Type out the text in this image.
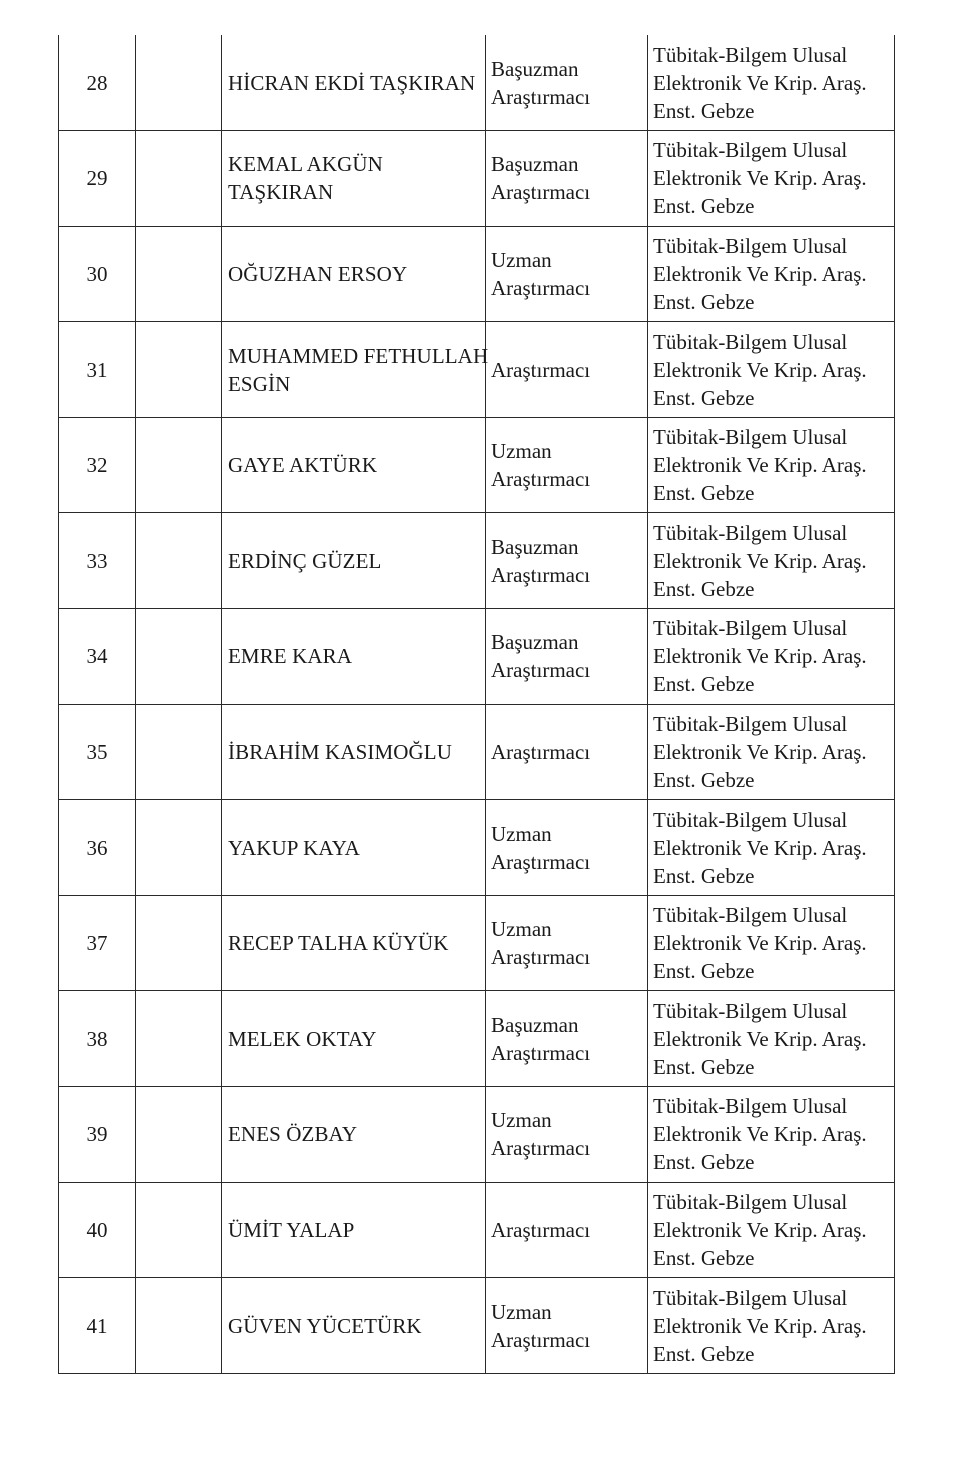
28		HİCRAN EKDİ TAŞKIRAN	Başuzman
Araştırmacı	Tübitak-Bilgem Ulusal
Elektronik Ve Krip. Araş.
Enst. Gebze

29		KEMAL AKGÜN
TAŞKIRAN	Başuzman
Araştırmacı	Tübitak-Bilgem Ulusal
Elektronik Ve Krip. Araş.
Enst. Gebze

30		OĞUZHAN ERSOY	Uzman
Araştırmacı	Tübitak-Bilgem Ulusal
Elektronik Ve Krip. Araş.
Enst. Gebze

31		MUHAMMED FETHULLAH
ESGİN	Araştırmacı	Tübitak-Bilgem Ulusal
Elektronik Ve Krip. Araş.
Enst. Gebze

32		GAYE AKTÜRK	Uzman
Araştırmacı	Tübitak-Bilgem Ulusal
Elektronik Ve Krip. Araş.
Enst. Gebze

33		ERDİNÇ GÜZEL	Başuzman
Araştırmacı	Tübitak-Bilgem Ulusal
Elektronik Ve Krip. Araş.
Enst. Gebze

34		EMRE KARA	Başuzman
Araştırmacı	Tübitak-Bilgem Ulusal
Elektronik Ve Krip. Araş.
Enst. Gebze

35		İBRAHİM KASIMOĞLU	Araştırmacı	Tübitak-Bilgem Ulusal
Elektronik Ve Krip. Araş.
Enst. Gebze

36		YAKUP KAYA	Uzman
Araştırmacı	Tübitak-Bilgem Ulusal
Elektronik Ve Krip. Araş.
Enst. Gebze

37		RECEP TALHA KÜYÜK	Uzman
Araştırmacı	Tübitak-Bilgem Ulusal
Elektronik Ve Krip. Araş.
Enst. Gebze

38		MELEK OKTAY	Başuzman
Araştırmacı	Tübitak-Bilgem Ulusal
Elektronik Ve Krip. Araş.
Enst. Gebze

39		ENES ÖZBAY	Uzman
Araştırmacı	Tübitak-Bilgem Ulusal
Elektronik Ve Krip. Araş.
Enst. Gebze

40		ÜMİT YALAP	Araştırmacı	Tübitak-Bilgem Ulusal
Elektronik Ve Krip. Araş.
Enst. Gebze

41		GÜVEN YÜCETÜRK	Uzman
Araştırmacı	Tübitak-Bilgem Ulusal
Elektronik Ve Krip. Araş.
Enst. Gebze
